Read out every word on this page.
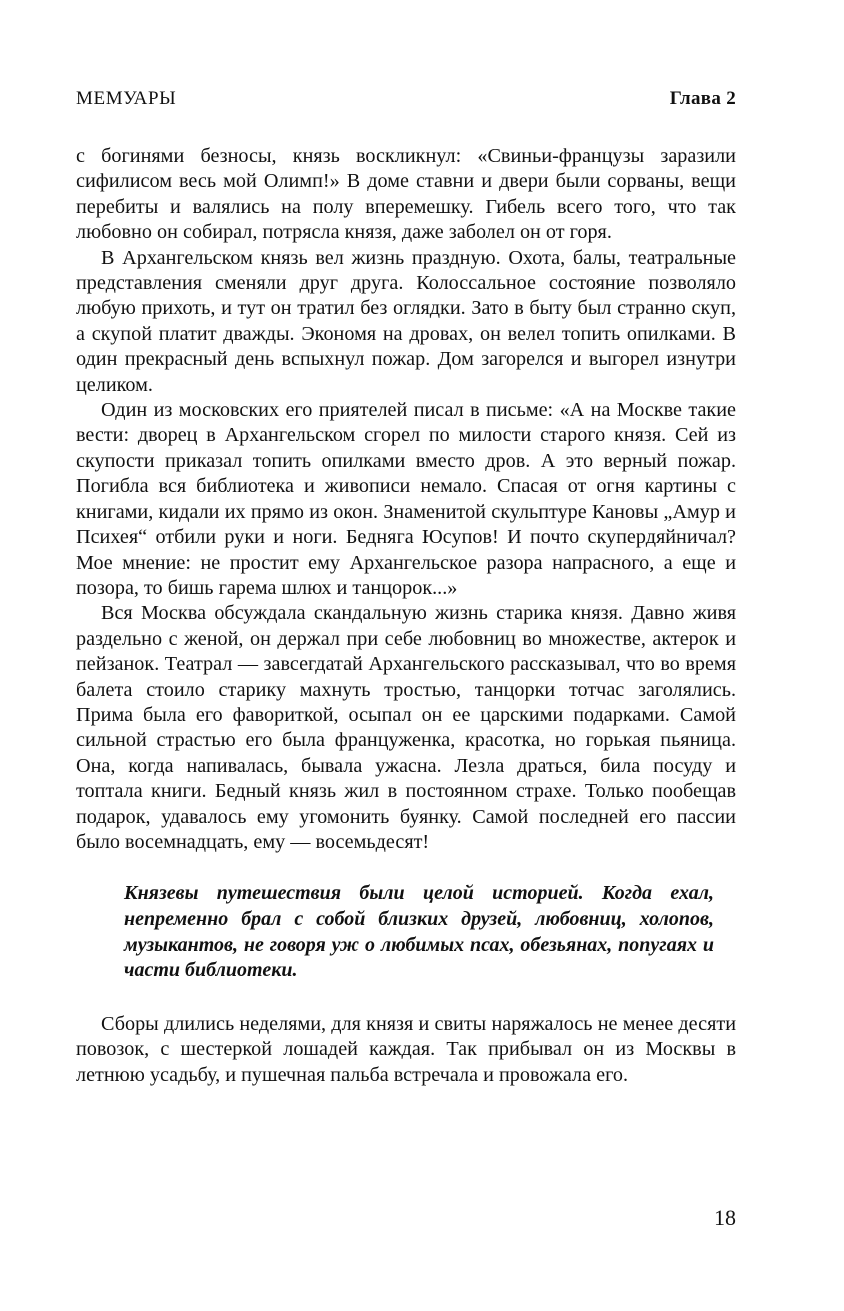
МЕМУАРЫ	Глава 2

с богинями безносы, князь воскликнул: «Свиньи-французы заразили сифилисом весь мой Олимп!» В доме ставни и двери были сорваны, вещи перебиты и валялись на полу вперемешку. Гибель всего того, что так любовно он собирал, потрясла князя, даже заболел он от горя.

В Архангельском князь вел жизнь праздную. Охота, балы, театральные представления сменяли друг друга. Колоссальное состояние позволяло любую прихоть, и тут он тратил без оглядки. Зато в быту был странно скуп, а скупой платит дважды. Экономя на дровах, он велел топить опилками. В один прекрасный день вспыхнул пожар. Дом загорелся и выгорел изнутри целиком.

Один из московских его приятелей писал в письме: «А на Москве такие вести: дворец в Архангельском сгорел по милости старого князя. Сей из скупости приказал топить опилками вместо дров. А это верный пожар. Погибла вся библиотека и живописи немало. Спасая от огня картины с книгами, кидали их прямо из окон. Знаменитой скульптуре Кановы „Амур и Психея“ отбили руки и ноги. Бедняга Юсупов! И почто скупердяйничал? Мое мнение: не простит ему Архангельское разора напрасного, а еще и позора, то бишь гарема шлюх и танцорок...»

Вся Москва обсуждала скандальную жизнь старика князя. Давно живя раздельно с женой, он держал при себе любовниц во множестве, актерок и пейзанок. Театрал — завсегдатай Архангельского рассказывал, что во время балета стоило старику махнуть тростью, танцорки тотчас заголялись. Прима была его фавориткой, осыпал он ее царскими подарками. Самой сильной страстью его была француженка, красотка, но горькая пьяница. Она, когда напивалась, бывала ужасна. Лезла драться, била посуду и топтала книги. Бедный князь жил в постоянном страхе. Только пообещав подарок, удавалось ему угомонить буянку. Самой последней его пассии было восемнадцать, ему — восемьдесят!

Князевы путешествия были целой историей. Когда ехал, непременно брал с собой близких друзей, любовниц, холопов, музыкантов, не говоря уж о любимых псах, обезьянах, попугаях и части библиотеки.

Сборы длились неделями, для князя и свиты наряжалось не менее десяти повозок, с шестеркой лошадей каждая. Так прибывал он из Москвы в летнюю усадьбу, и пушечная пальба встречала и провожала его.

18
